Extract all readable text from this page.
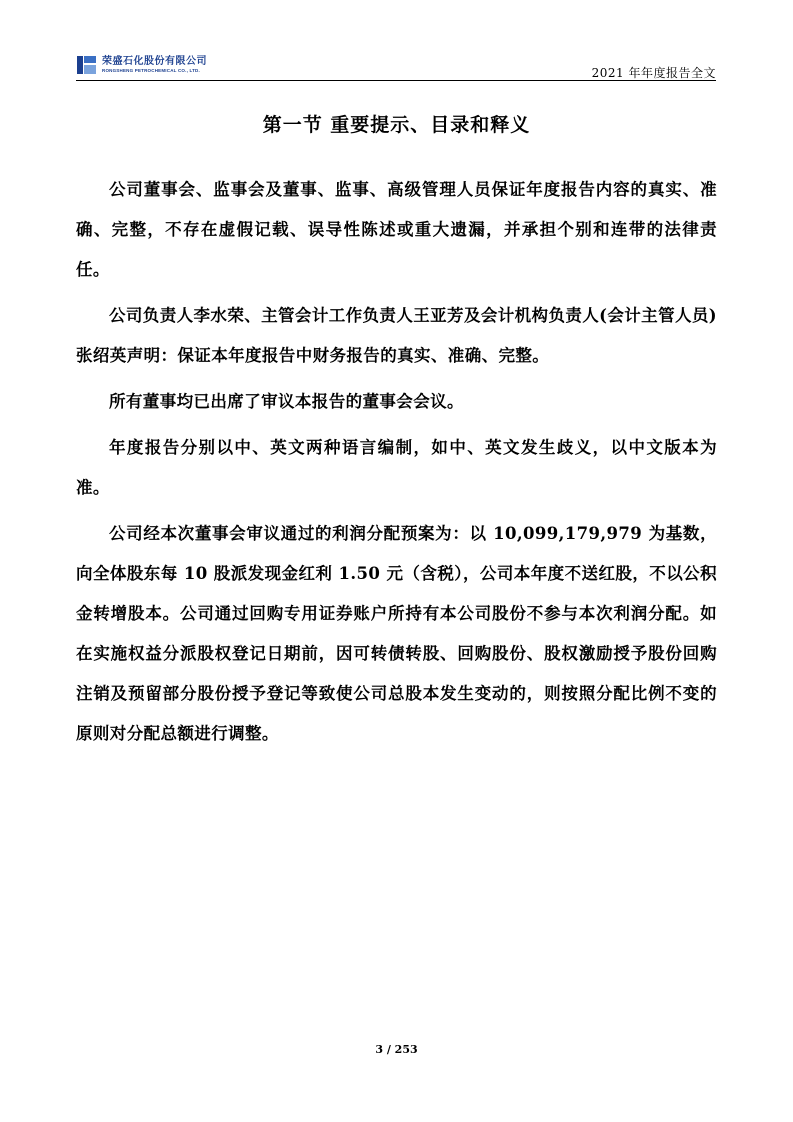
荣盛石化股份有限公司
RONGSHENG PETROCHEMICAL CO., LTD.	2021 年年度报告全文
第一节 重要提示、目录和释义

公司董事会、监事会及董事、监事、高级管理人员保证年度报告内容的真实、准确、完整，不存在虚假记载、误导性陈述或重大遗漏，并承担个别和连带的法律责任。

公司负责人李水荣、主管会计工作负责人王亚芳及会计机构负责人(会计主管人员)张绍英声明：保证本年度报告中财务报告的真实、准确、完整。

所有董事均已出席了审议本报告的董事会会议。

年度报告分别以中、英文两种语言编制，如中、英文发生歧义，以中文版本为准。

公司经本次董事会审议通过的利润分配预案为：以 10,099,179,979 为基数，向全体股东每 10 股派发现金红利 1.50 元（含税），公司本年度不送红股，不以公积金转增股本。公司通过回购专用证券账户所持有本公司股份不参与本次利润分配。如在实施权益分派股权登记日期前，因可转债转股、回购股份、股权激励授予股份回购注销及预留部分股份授予登记等致使公司总股本发生变动的，则按照分配比例不变的原则对分配总额进行调整。

3 / 253
